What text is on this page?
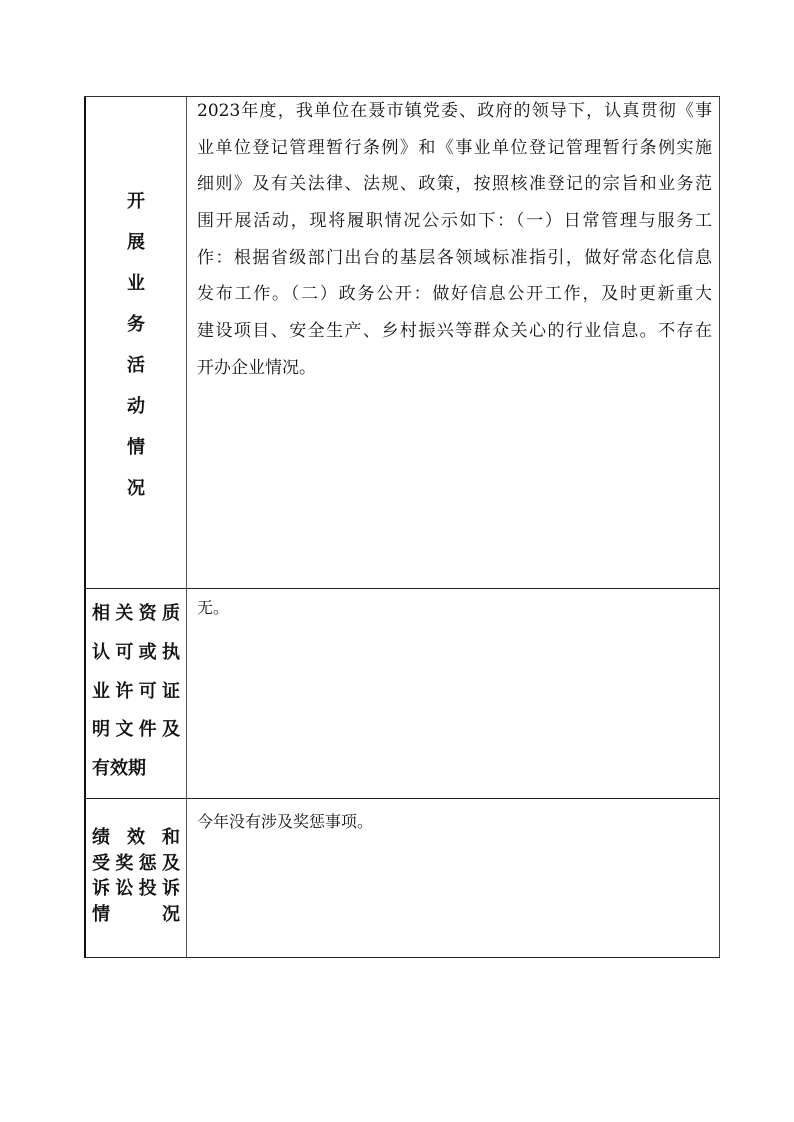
开
展
业
务
活
动
情
况
2023年度，我单位在聂市镇党委、政府的领导下，认真贯彻《事
业单位登记管理暂行条例》和《事业单位登记管理暂行条例实施
细则》及有关法律、法规、政策，按照核准登记的宗旨和业务范
围开展活动，现将履职情况公示如下：（一）日常管理与服务工
作：根据省级部门出台的基层各领域标准指引，做好常态化信息
发布工作。（二）政务公开：做好信息公开工作，及时更新重大
建设项目、安全生产、乡村振兴等群众关心的行业信息。不存在
开办企业情况。
相关资质
认可或执
业许可证
明文件及
有效期
无。
绩效和
受奖惩及
诉讼投诉
情况
今年没有涉及奖惩事项。
